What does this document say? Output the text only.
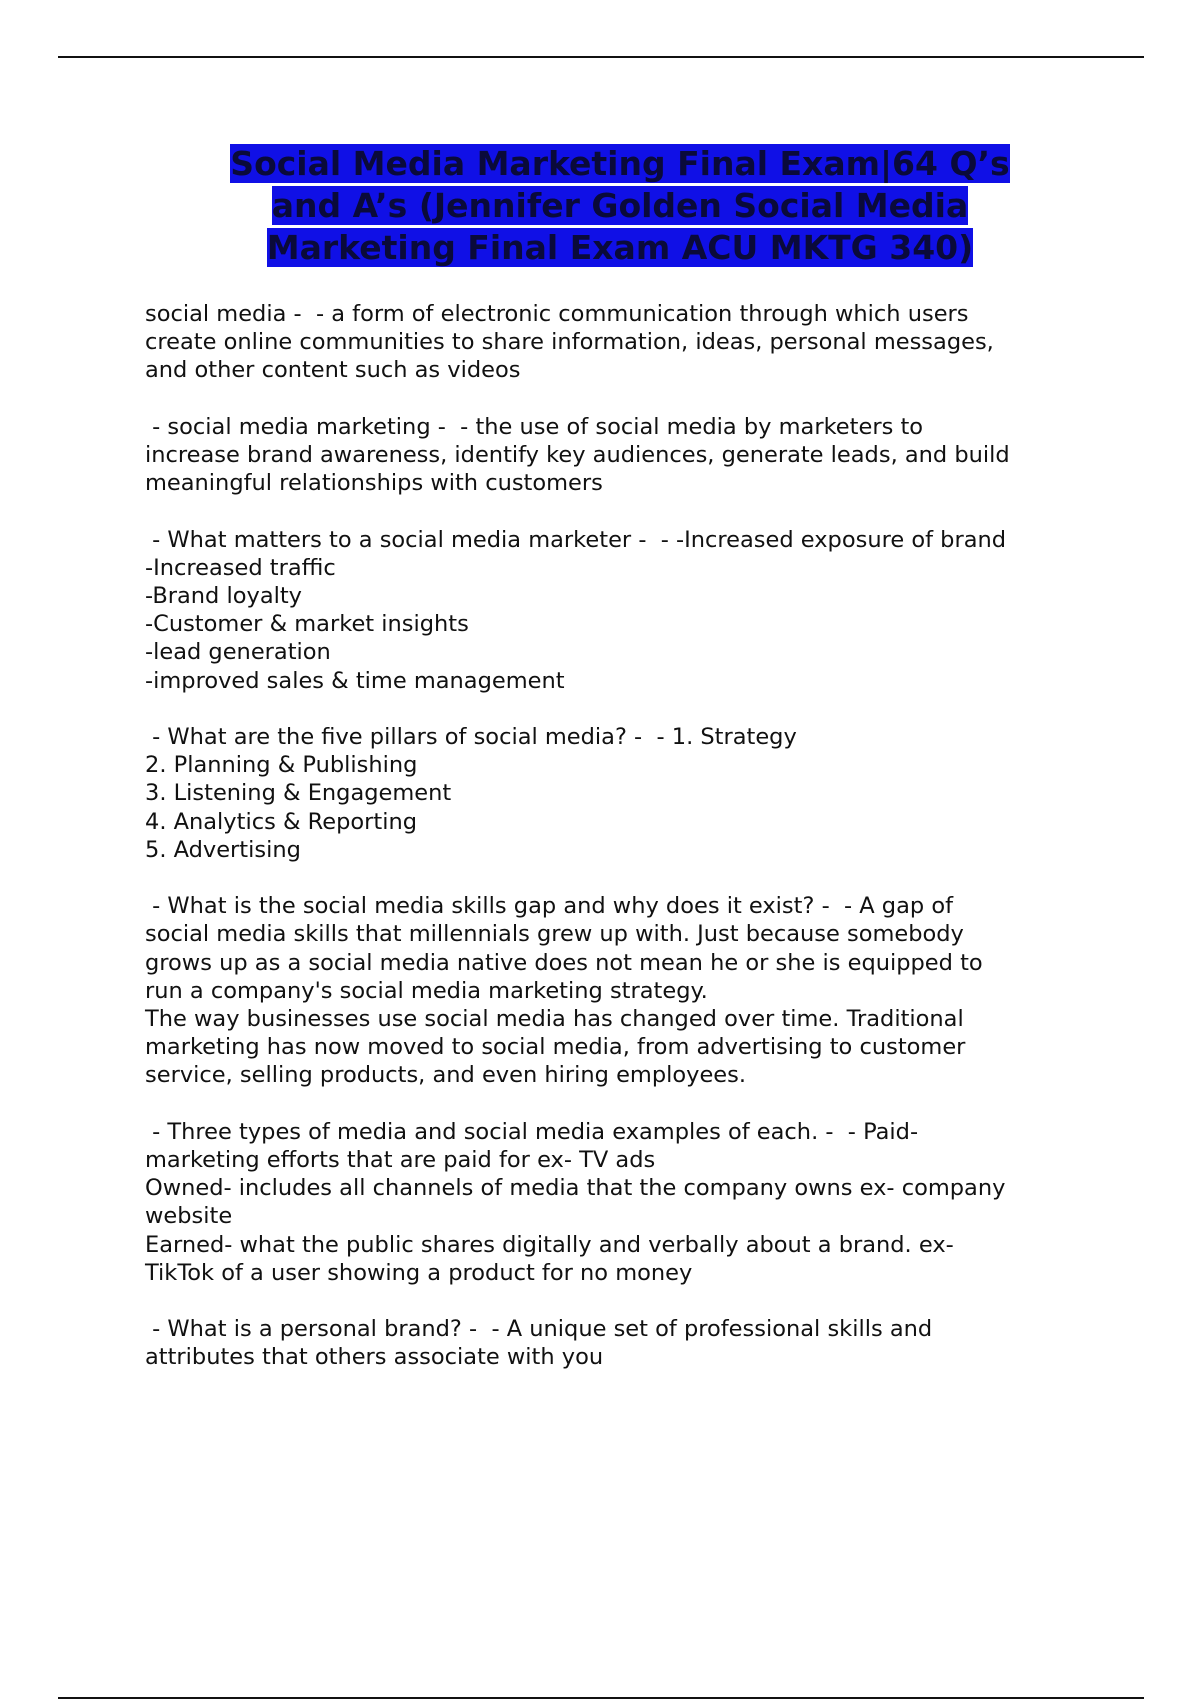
Social Media Marketing Final Exam|64 Q’s
and A’s (Jennifer Golden Social Media
Marketing Final Exam ACU MKTG 340)
social media -  - a form of electronic communication through which users
create online communities to share information, ideas, personal messages,
and other content such as videos
- social media marketing -  - the use of social media by marketers to
increase brand awareness, identify key audiences, generate leads, and build
meaningful relationships with customers
- What matters to a social media marketer -  - -Increased exposure of brand
-Increased traffic
-Brand loyalty
-Customer & market insights
-lead generation
-improved sales & time management
- What are the five pillars of social media? -  - 1. Strategy
2. Planning & Publishing
3. Listening & Engagement
4. Analytics & Reporting
5. Advertising
- What is the social media skills gap and why does it exist? -  - A gap of
social media skills that millennials grew up with. Just because somebody
grows up as a social media native does not mean he or she is equipped to
run a company's social media marketing strategy.
The way businesses use social media has changed over time. Traditional
marketing has now moved to social media, from advertising to customer
service, selling products, and even hiring employees.
- Three types of media and social media examples of each. -  - Paid-
marketing efforts that are paid for ex- TV ads
Owned- includes all channels of media that the company owns ex- company
website
Earned- what the public shares digitally and verbally about a brand. ex-
TikTok of a user showing a product for no money
- What is a personal brand? -  - A unique set of professional skills and
attributes that others associate with you
